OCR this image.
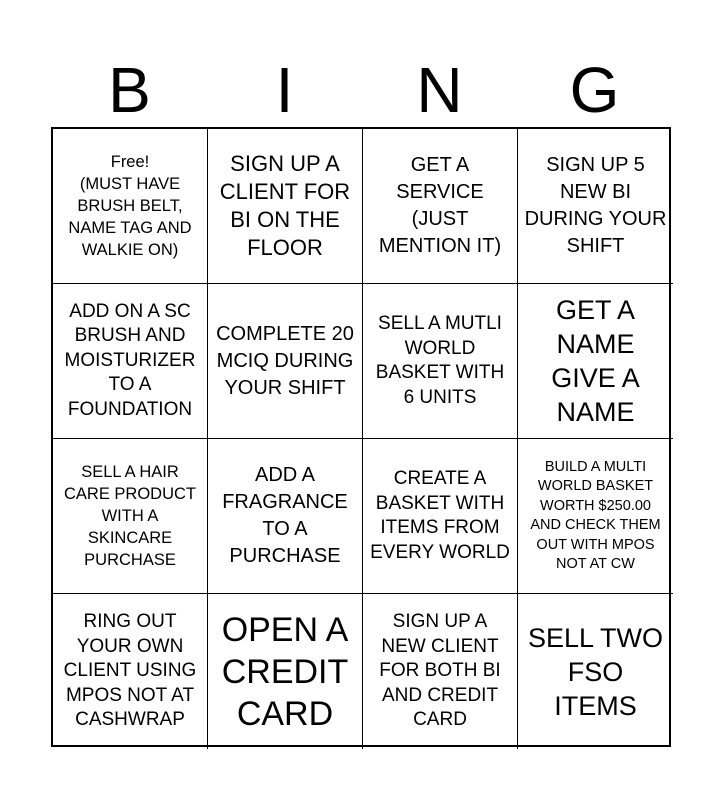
B	I	N	G
Free!
(MUST HAVE BRUSH BELT, NAME TAG AND WALKIE ON)
SIGN UP A CLIENT FOR BI ON THE FLOOR
GET A SERVICE (JUST MENTION IT)
SIGN UP 5 NEW BI DURING YOUR SHIFT
ADD ON A SC BRUSH AND MOISTURIZER TO A FOUNDATION
COMPLETE 20 MCIQ DURING YOUR SHIFT
SELL A MUTLI WORLD BASKET WITH 6 UNITS
GET A NAME GIVE A NAME
SELL A HAIR CARE PRODUCT WITH A SKINCARE PURCHASE
ADD A FRAGRANCE TO A PURCHASE
CREATE A BASKET WITH ITEMS FROM EVERY WORLD
BUILD A MULTI WORLD BASKET WORTH $250.00 AND CHECK THEM OUT WITH MPOS NOT AT CW
RING OUT YOUR OWN CLIENT USING MPOS NOT AT CASHWRAP
OPEN A CREDIT CARD
SIGN UP A NEW CLIENT FOR BOTH BI AND CREDIT CARD
SELL TWO FSO ITEMS
